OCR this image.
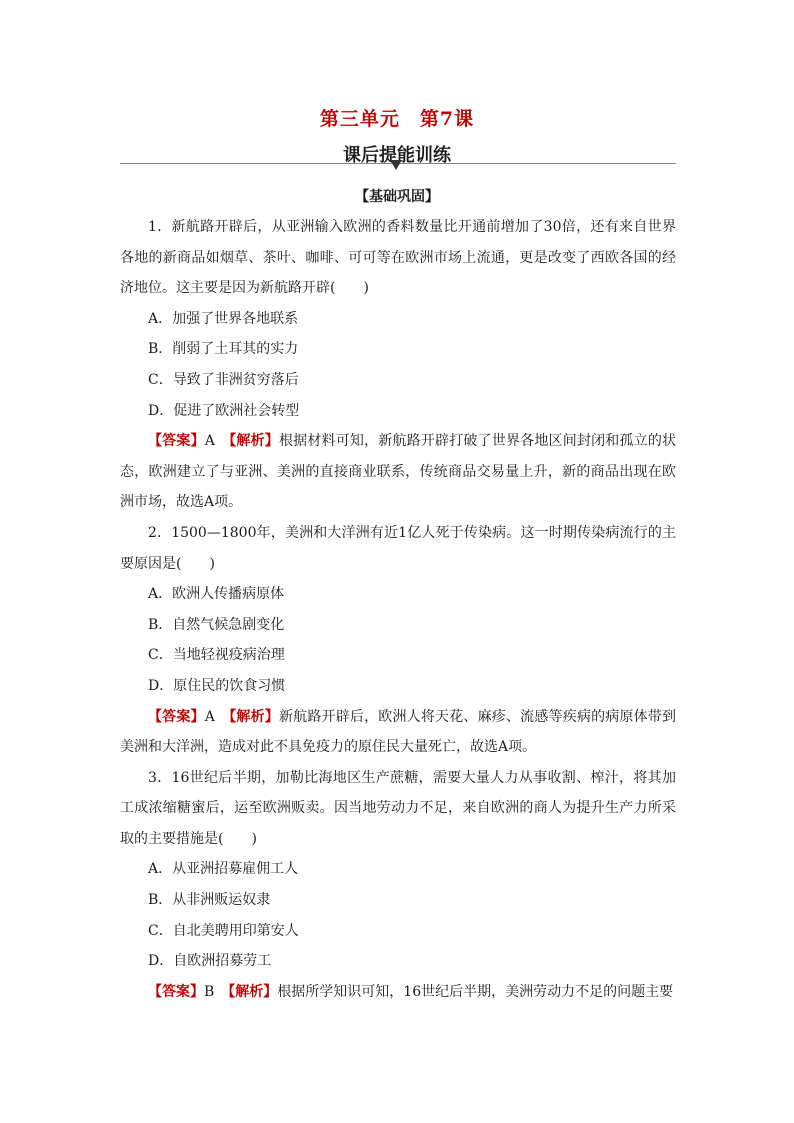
第三单元　第7课
课后提能训练
【基础巩固】

1．新航路开辟后，从亚洲输入欧洲的香料数量比开通前增加了30倍，还有来自世界各地的新商品如烟草、茶叶、咖啡、可可等在欧洲市场上流通，更是改变了西欧各国的经济地位。这主要是因为新航路开辟(　　)

A．加强了世界各地联系

B．削弱了土耳其的实力

C．导致了非洲贫穷落后

D．促进了欧洲社会转型

【答案】A　 【解析】根据材料可知，新航路开辟打破了世界各地区间封闭和孤立的状态，欧洲建立了与亚洲、美洲的直接商业联系，传统商品交易量上升，新的商品出现在欧洲市场，故选A项。

2．1500—1800年，美洲和大洋洲有近1亿人死于传染病。这一时期传染病流行的主要原因是(　　)

A．欧洲人传播病原体

B．自然气候急剧变化

C．当地轻视疫病治理

D．原住民的饮食习惯

【答案】A　 【解析】新航路开辟后，欧洲人将天花、麻疹、流感等疾病的病原体带到美洲和大洋洲，造成对此不具免疫力的原住民大量死亡，故选A项。

3．16世纪后半期，加勒比海地区生产蔗糖，需要大量人力从事收割、榨汁，将其加工成浓缩糖蜜后，运至欧洲贩卖。因当地劳动力不足，来自欧洲的商人为提升生产力所采取的主要措施是(　　)

A．从亚洲招募雇佣工人

B．从非洲贩运奴隶

C．自北美聘用印第安人

D．自欧洲招募劳工

【答案】B　 【解析】根据所学知识可知，16世纪后半期，美洲劳动力不足的问题主要
